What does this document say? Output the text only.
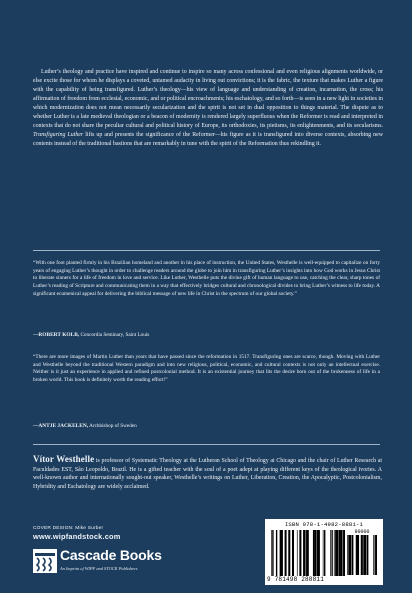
Luther’s theology and practice have inspired and continue to inspire so many across confessional and even religious alignments worldwide, or else excite those for whom he displays a coveted, untamed audacity in living out convictions; it is the fabric, the texture that makes Luther a figure with the capability of being transfigured. Luther’s theology—his view of language and understanding of creation, incarnation, the cross; his affirmation of freedom from ecclesial, economic, and or political encroachments; his eschatology, and so forth—is seen in a new light in societies in which modernization does not mean necessarily secularization and the spirit is not set in dual opposition to things material. The dispute as to whether Luther is a late medieval theologian or a beacon of modernity is rendered largely superfluous when the Reformer is read and interpreted in contexts that do not share the peculiar cultural and political history of Europe, its orthodoxies, its pietisms, its enlightenments, and its secularisms. Transfiguring Luther lifts up and presents the significance of the Reformer—his figure as it is transfigured into diverse contexts, absorbing new contents instead of the traditional bastions that are remarkably in tune with the spirit of the Reformation thus rekindling it.
“With one foot planted firmly in his Brazilian homeland and another in his place of instruction, the United States, Westhelle is well-equipped to capitalize on forty years of engaging Luther’s thought in order to challenge readers around the globe to join him in transfiguring Luther’s insights into how God works in Jesus Christ to liberate sinners for a life of freedom in love and service. Like Luther, Westhelle puts the divine gift of human language to use, catching the clear, sharp tones of Luther’s reading of Scripture and communicating them in a way that effectively bridges cultural and chronological divides to bring Luther’s witness to life today. A significant ecumenical appeal for delivering the biblical message of new life in Christ in the spectrum of our global society.”
—ROBERT KOLB, Concordia Seminary, Saint Louis
“There are more images of Martin Luther than years that have passed since the reformation in 1517. Transfiguring ones are scarce, though. Moving with Luther and Westhelle beyond the traditional Western paradigm and into new religious, political, economic, and cultural contexts is not only an intellectual exercise. Neither is it just an experience in applied and refined postcolonial method. It is an existential journey that lits the desire born out of the brokenness of life in a broken world. This book is definitely worth the reading effort!”
—ANTJE JACKELEN, Archbishop of Sweden
Vítor Westhelle is professor of Systematic Theology at the Lutheran School of Theology at Chicago and the chair of Luther Research at Faculdades EST, São Leopoldo, Brazil. He is a gifted teacher with the soul of a poet adept at playing different keys of the theological ivories. A well-known author and internationally sought-out speaker, Westhelle’s writings on Luther, Liberation, Creation, the Apocalyptic, Postcolonialism, Hybridity and Eschatology are widely acclaimed.
COVER DESIGN: Mike Surber
www.wipfandstock.com
Cascade Books
An Imprint of WIPF and STOCK Publishers
ISBN 978-1-4982-8881-1
90000
9 781498 288811
